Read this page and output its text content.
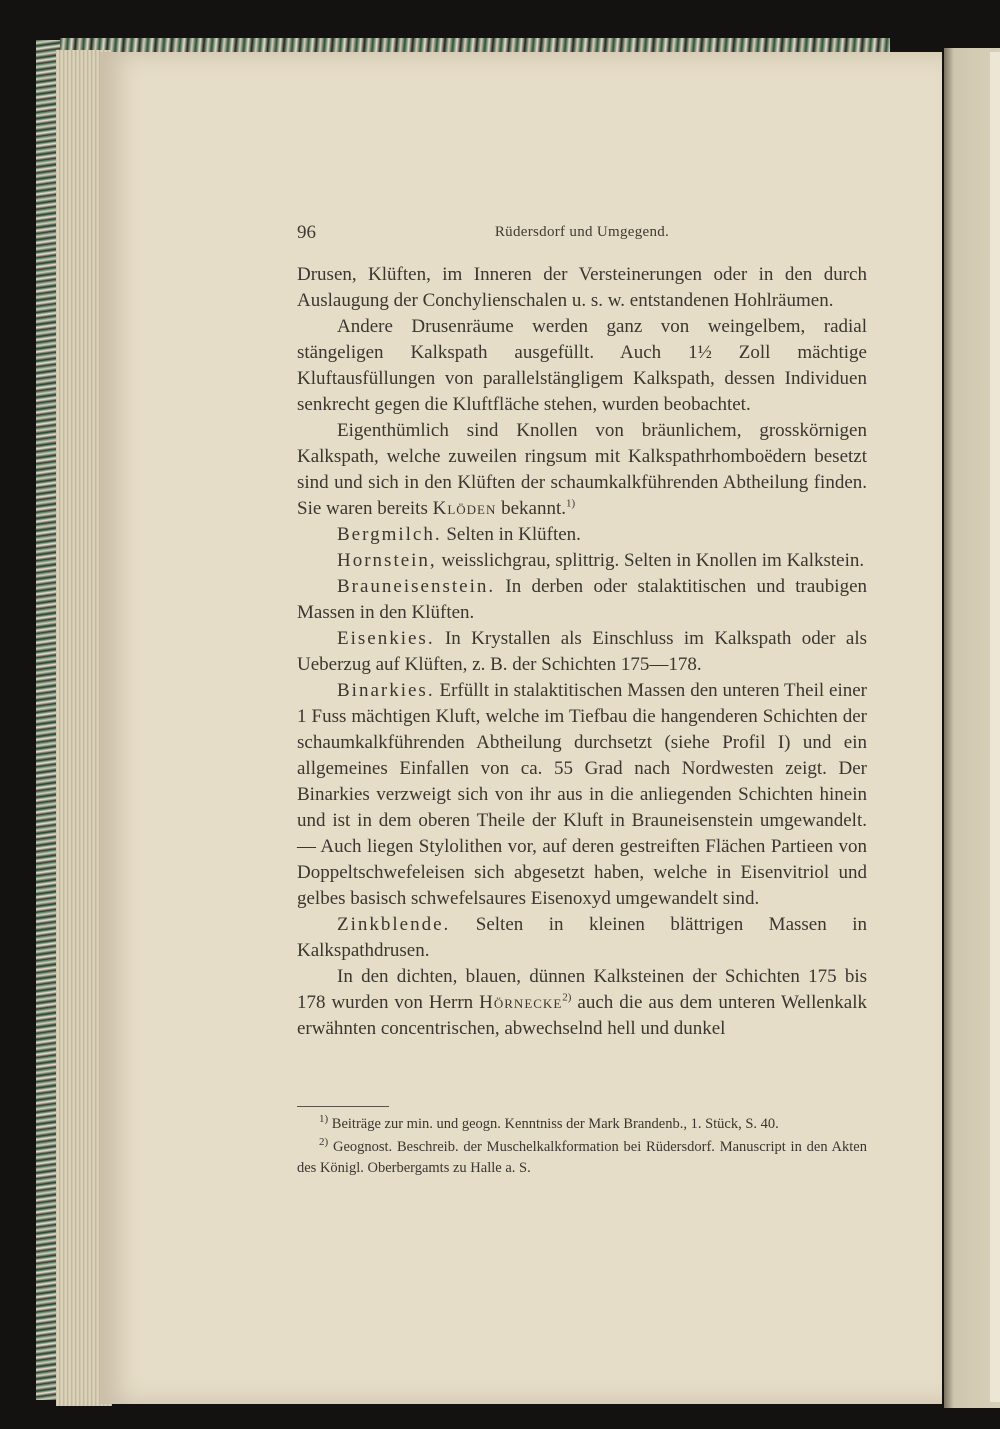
96	Rüdersdorf und Umgegend.

Drusen, Klüften, im Inneren der Versteinerungen oder in den durch Auslaugung der Conchylienschalen u. s. w. entstandenen Hohlräumen.

Andere Drusenräume werden ganz von weingelbem, radial stängeligen Kalkspath ausgefüllt. Auch 1½ Zoll mächtige Kluftausfüllungen von parallelstängligem Kalkspath, dessen Individuen senkrecht gegen die Kluftfläche stehen, wurden beobachtet.

Eigenthümlich sind Knollen von bräunlichem, grosskörnigen Kalkspath, welche zuweilen ringsum mit Kalkspathrhomboëdern besetzt sind und sich in den Klüften der schaumkalkführenden Abtheilung finden. Sie waren bereits Klöden bekannt.$^{1)}$

Bergmilch. Selten in Klüften.

Hornstein, weisslichgrau, splittrig. Selten in Knollen im Kalkstein.

Brauneisenstein. In derben oder stalaktitischen und traubigen Massen in den Klüften.

Eisenkies. In Krystallen als Einschluss im Kalkspath oder als Ueberzug auf Klüften, z. B. der Schichten 175—178.

Binarkies. Erfüllt in stalaktitischen Massen den unteren Theil einer 1 Fuss mächtigen Kluft, welche im Tiefbau die hangenderen Schichten der schaumkalkführenden Abtheilung durchsetzt (siehe Profil I) und ein allgemeines Einfallen von ca. 55 Grad nach Nordwesten zeigt. Der Binarkies verzweigt sich von ihr aus in die anliegenden Schichten hinein und ist in dem oberen Theile der Kluft in Brauneisenstein umgewandelt. — Auch liegen Stylolithen vor, auf deren gestreiften Flächen Partieen von Doppeltschwefeleisen sich abgesetzt haben, welche in Eisenvitriol und gelbes basisch schwefelsaures Eisenoxyd umgewandelt sind.

Zinkblende. Selten in kleinen blättrigen Massen in Kalkspathdrusen.

In den dichten, blauen, dünnen Kalksteinen der Schichten 175 bis 178 wurden von Herrn Hörnecke$^{2)}$ auch die aus dem unteren Wellenkalk erwähnten concentrischen, abwechselnd hell und dunkel

$^{1)}$ Beiträge zur min. und geogn. Kenntniss der Mark Brandenb., 1. Stück, S. 40.

$^{2)}$ Geognost. Beschreib. der Muschelkalkformation bei Rüdersdorf. Manuscript in den Akten des Königl. Oberbergamts zu Halle a. S.
